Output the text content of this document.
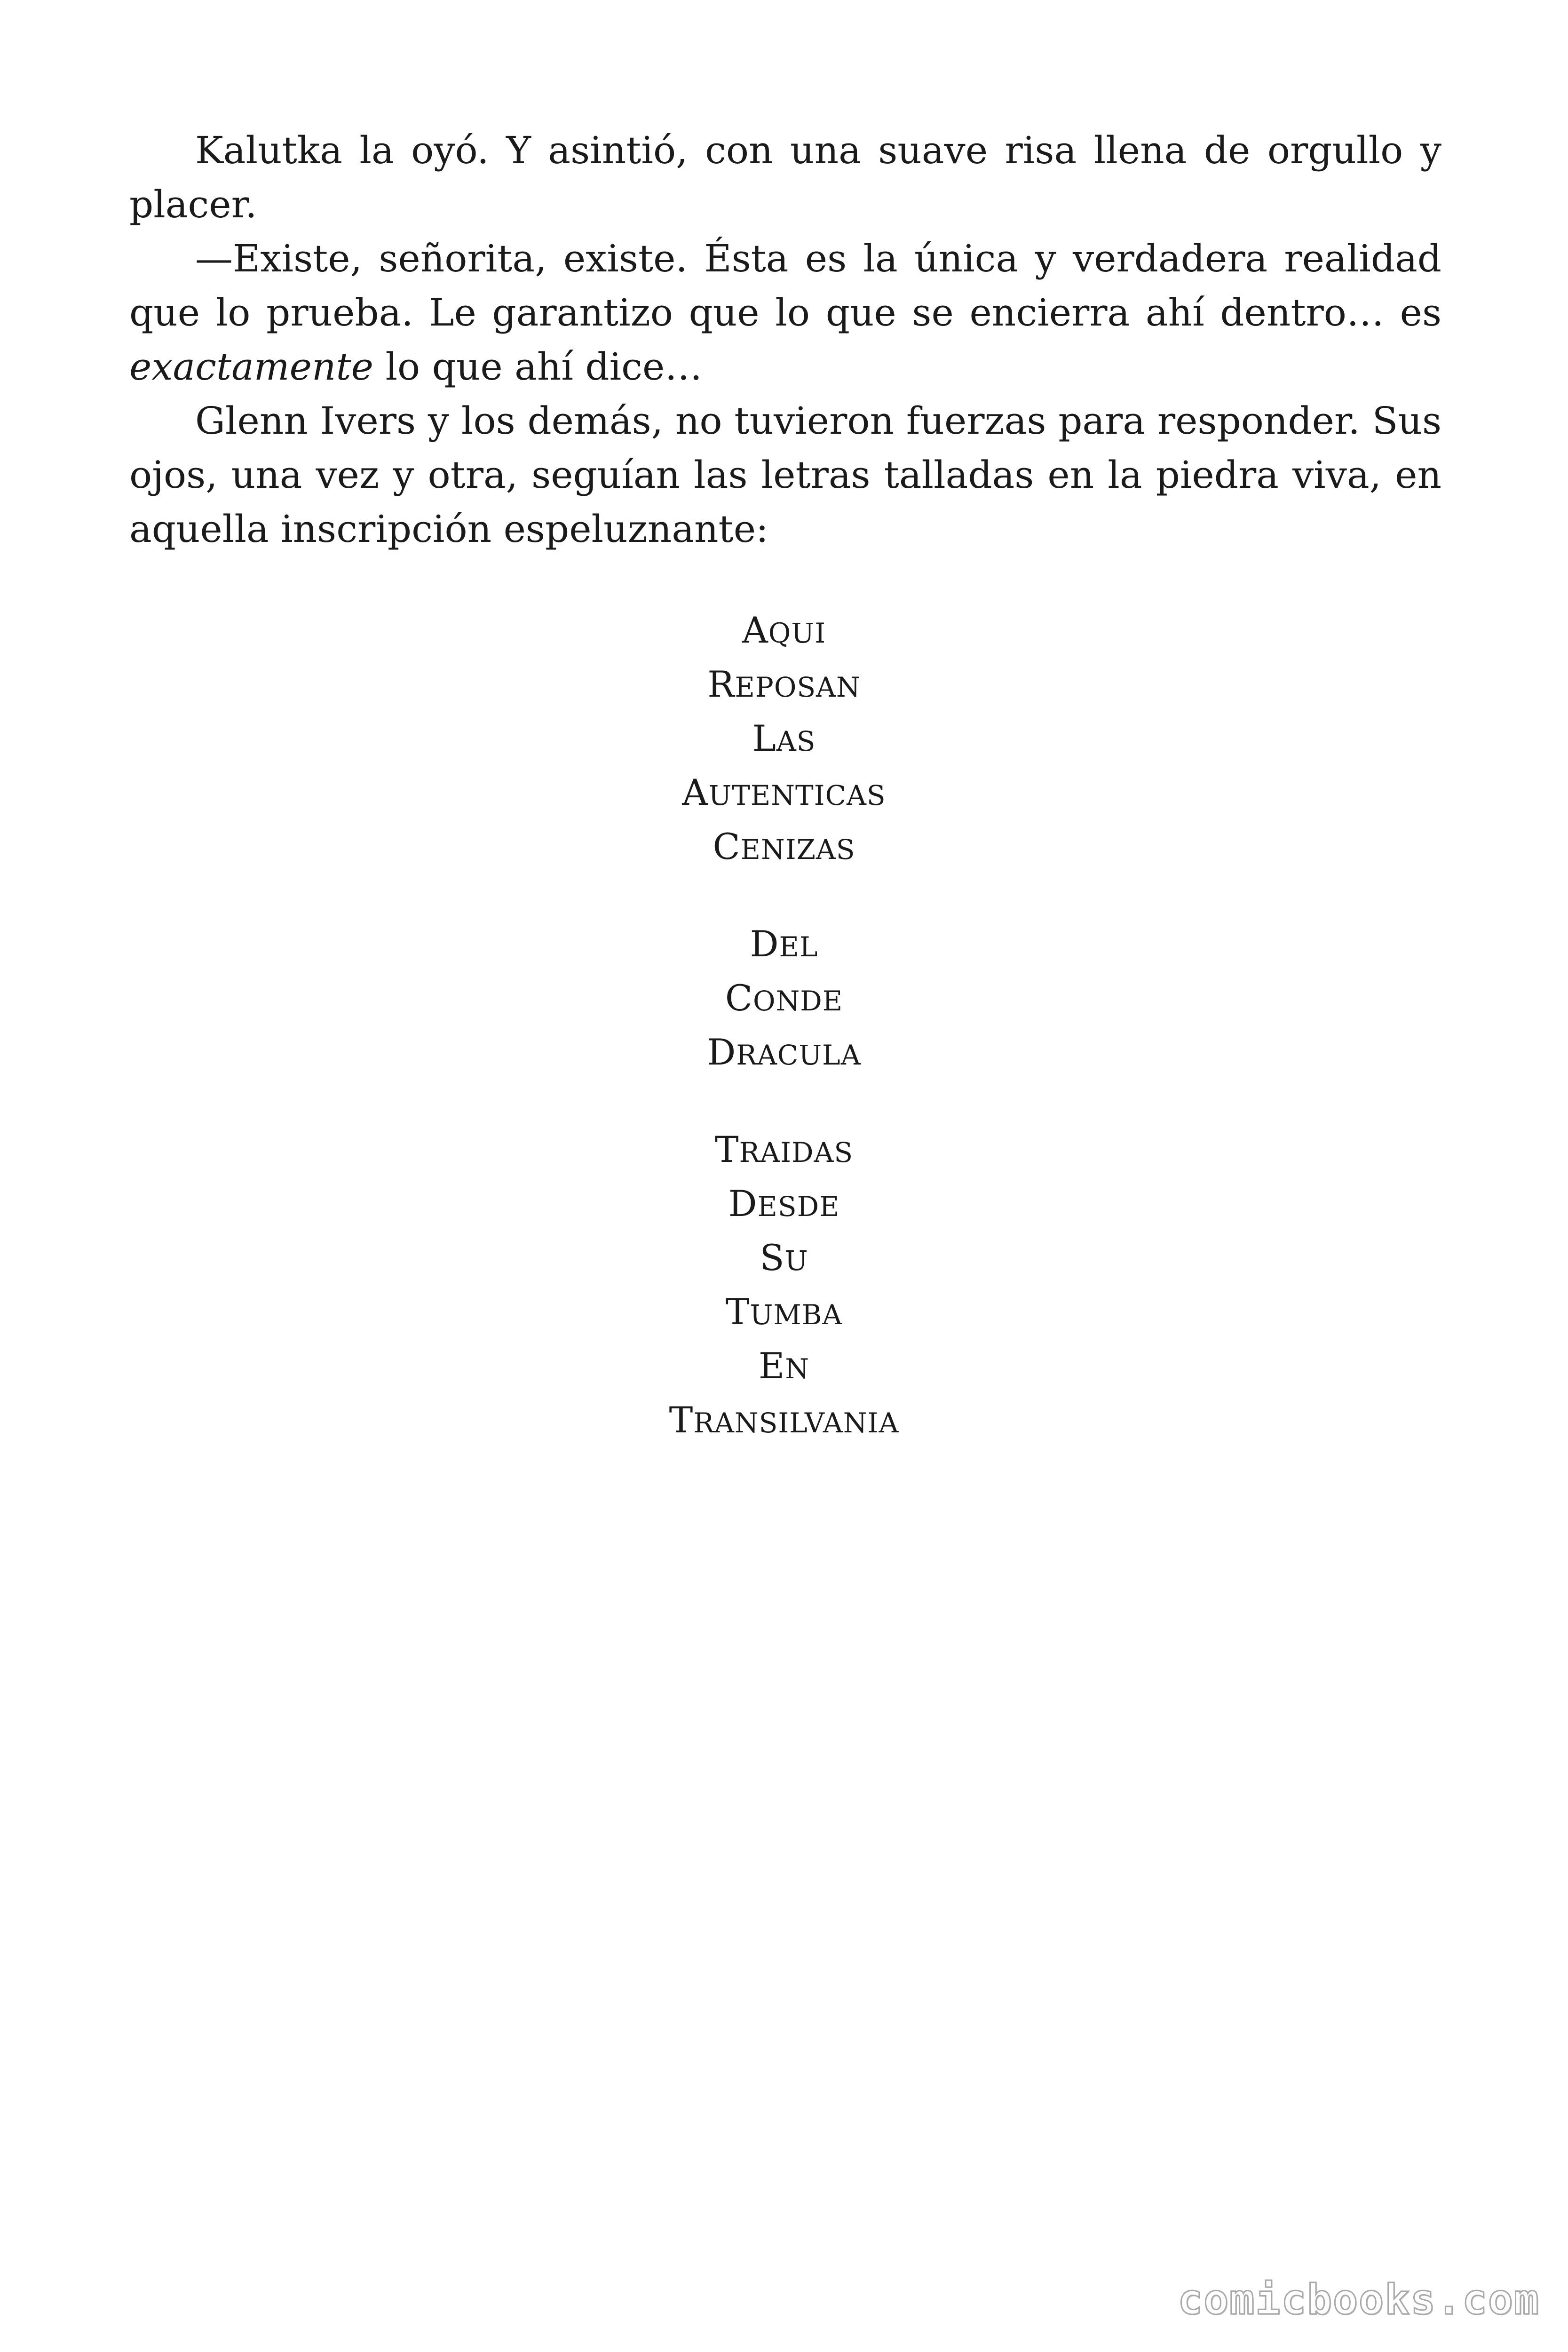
Kalutka la oyó. Y asintió, con una suave risa llena de orgullo y placer.

—Existe, señorita, existe. Ésta es la única y verdadera realidad que lo prueba. Le garantizo que lo que se encierra ahí dentro… es exactamente lo que ahí dice…

Glenn Ivers y los demás, no tuvieron fuerzas para responder. Sus ojos, una vez y otra, seguían las letras talladas en la piedra viva, en aquella inscripción espeluznante:

AQUI
REPOSAN
LAS
AUTENTICAS
CENIZAS
DEL
CONDE
DRACULA
TRAIDAS
DESDE
SU
TUMBA
EN
TRANSILVANIA
comicbooks.com
